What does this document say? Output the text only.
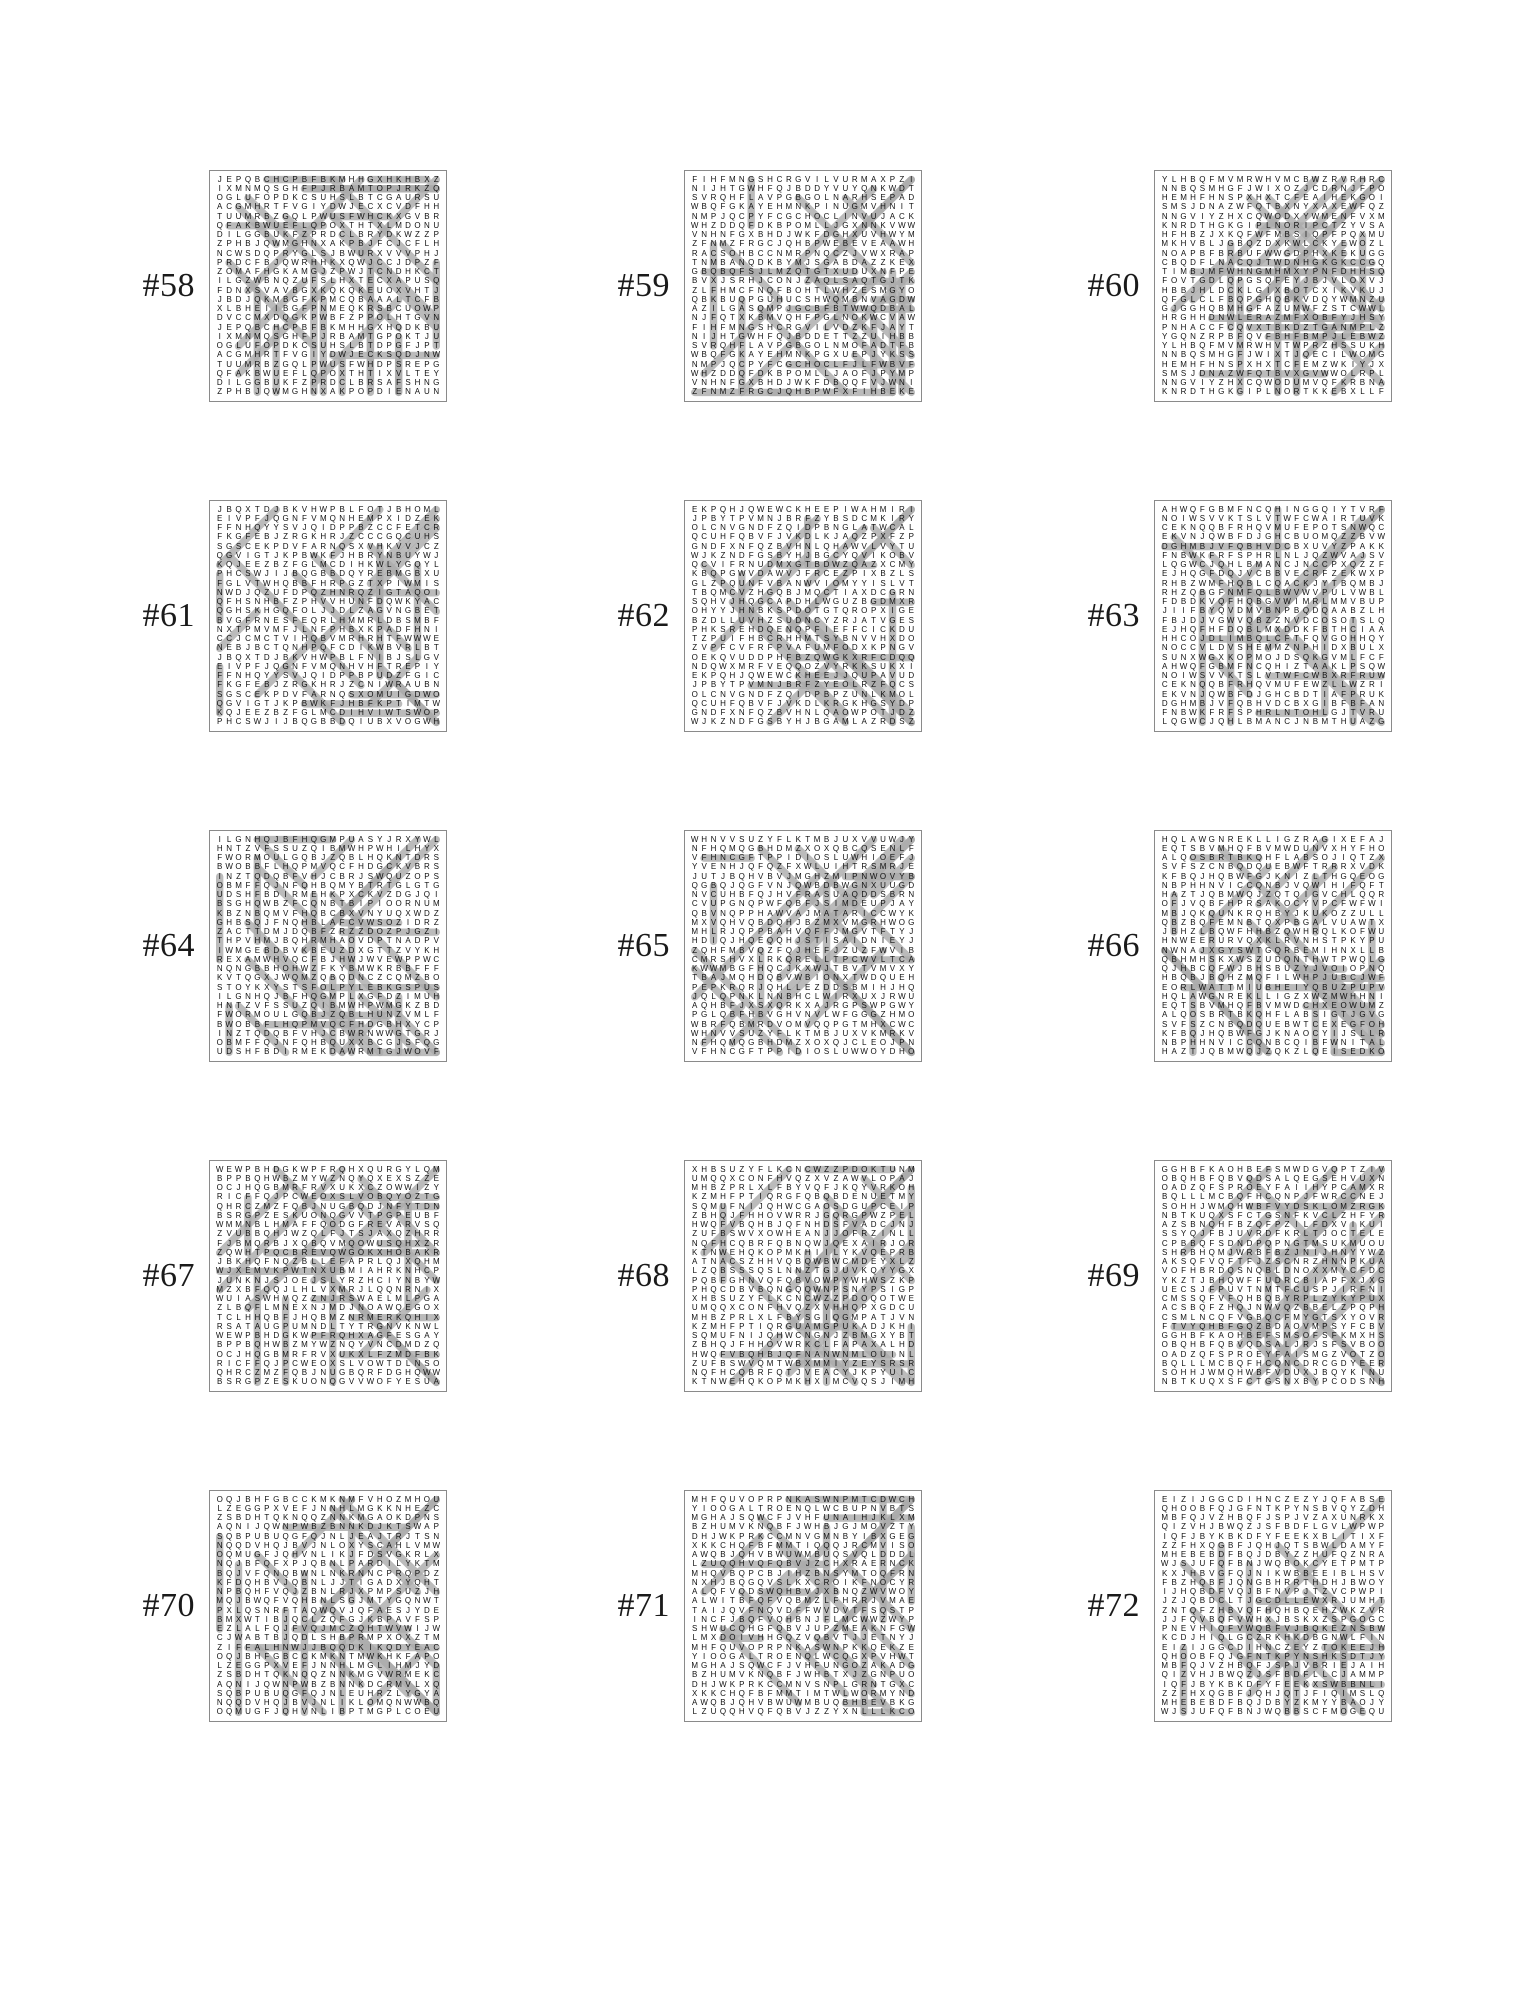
#58
J E P Q B C H C P B F B K M H H G X H K H B X Z
I X M N M Q S G H F P J R B A M T O P J R K Z Q
O G L U F O P D K C S U H S L B T C G A U R S U
A C G M H R T F V G I Y D W J E C X C V D F H H
T U U M R B Z G Q L P W U S F W H C K X G V B R
Q F A K B W U E F L Q P O X T H T X L M D O N U
D I L G G B U K F Z P R D C L B R Y D K W Z Z P
Z P H B J Q W M G H N X A K P B J F C J C F L H
N C W S D Q P R Y G L S J B W U R X V V V P H J
P R D C F B J Q W R H H K X Q W J C C J D P Z F
Z O M A F H G K A M G J Z P W J T C N D H K C T
I L G Z W B N Q Z U F S L H X T E C X A P U S Q
F D N X S V A V B G X K Q K Q K E U O X V H T J
J B D J Q K M B G F K P M C Q B A A A L T C F B
X L B H E I I B G F P N M E Q K R S B C U O W P
D V C C M X D Q G K P W B F Z P P O L H T G V N
J E P Q B C H C P B F B K M H H G X H Q D K B U
I X M N M Q S G H F P J R B A M T G P O K T J U
O G L U F O P D K C S U H S L B T D P G F J P T
A C G M H R T F V G I Y D W J E C K S Q D J N W
T U U M R B Z G Q L P W U S F W H D P S R E P G
Q F A K B W U E F L Q P O X T H T I X V L T E Y
D I L G G B U K F Z P R D C L B R S A F S H N G
Z P H B J Q W M G H N X A K P O P D I E N A U N
#59
F I H F M N G S H C R G V I L V U R M A X P Z I
N I J H T G W H F Q J B D D Y V U Y Q N K W D T
S V R Q H F L A V P G B G O L N A R H S E P A D
W B Q F G K A Y E H M N K P I N U G M V H N I T
N M P J Q C P Y F C G C H O C L I N V U J A C K
W H Z D D Q F D K B P O M L L J G X N N K V W W
V N H N F G X B H D J W K F D G H X U V H W Y M
Z F N M Z F R G C J Q H B P W E B E V E A A W H
R A C S O H B C C N M R P N Q C Z J V W X R A P
T N M B A N Q D K B Y M J S G A B D A Z Z K E X
G B Q B Q F S J L M Z Q T G T X U D U X N F P E
B V X J S R H J C O N J Z A Q L S A Q T G J T K
Z L F H M C F N Q F B O H T L W H Z E S M G Y O
Q B K B U Q P G U H U C S H W Q M B N V A G D W
A Z I L G A S Q M P J G C B F B T W W Q D B A L
N J F Q T X K B M V Q H F P G L N O K W C V A W
F I H F M N G S H C R G V I L V D Z K F J A Y T
N I J H T G W H F Q J B D D E T T Z Z U I H B B
S V R Q H F L A V P G B G O L N M O F A D T F B
W B Q F G K A Y E H M N K P G X U E P J Y K S S
N M P J Q C P Y F C G C H O C L F J L F W B V F
W H Z D D Q F D K B P O M L L J A O F J P Y M P
V N H N F G X B H D J W K F D B Q Q F V J W N I
Z F N M Z F R G C J Q H B P W F X F I H B E K E
#60
Y L H B Q F M V M R W H V M C B W Z R V R H R C
N N B Q S M H G F J W I X O Z J C D R N J F P O
H E M H F H N S P X H X T C F E A I H E K G O I
S M S J D N A Z W F Q T B X N Y X A X E W F Q Z
N N G V I Y Z H X C Q W O D X Y W M E N F V X M
K N R D T H G K G I P L N O R I P C T Z Y V S A
H F H B Z J X K Q F W F M B S I Q P F P Q X M U
M K H V B L J G B Q Z D X K W L C K Y E W O Z L
N O A P B F B R B U F W W G D P H X K E K U G G
C B Q D F L N A C Q J T W D N H G K G K C C G Q
T I M B J M F W H N G M H M X Y P N F D H H S Q
F O V T G D L Q P G S Q F E Y J B J V L O X V J
H B B J H L D C K L G I X B O T C X I K V K U J
Q F G L C L F B Q P G H Q B K V D Q Y W M N Z U
G J G G H Q B M H G F A Z U M W F Z S T C W W L
H R G H H D N W L E R A Z M F X O B F Y J H S Y
P N H A C C F C Q V X T B K D Z T G A N M P L Z
Y G Q N Z R P B F Q V F B H F B M P J L E B W Z
Y L H B Q F M V M R W H V T W P R Z H S S U K H
N N B Q S M H G F J W I X T J Q E C I L W O M G
H E M H F H N S P X H X T C F E M Z W K I Y J X
S M S J D N A Z W F Q T B V X G V W W O L R P L
N N G V I Y Z H X C Q W O D U M V Q F K R B N A
K N R D T H G K G I P L N O R T K K E B X L L F
#61
J B Q X T D J B K V H W P B L F O T J B H O M L
E I V P F J Q G N F V M Q N H E M P X I D Z E K
F F N H Q Y Y S V J Q I D P P B Z C C F E T C R
F K G F E B J Z R G K H R J Z C C C G Q C U H S
S G S C E K P D V F A R N Q S X V H K V V J C Z
Q G V I G T J K P B W K F J H B R Y N B U Y W J
K Q J E E Z B Z F G L M C D I H K W L Y G Q Y L
P H C S W J I J B Q G B B D Q Y R E B M G B X U
F G L V T W H Q B B F H R P G Z T X P I W M I S
N W D J Q Z U F D P Q Z H N R Q Z I G T A Q O I
Q F H S N H B F Z P H V V H U N F D Q W K Y A C
Q G H S K H G Q F O L J J D L Z A G V N G B E T
B V G F R N E S F E Q R L H M M R L D B S M B F
N X T P M V M F J L N F P H B X K P A D F H N I
C C J C M C T V I H Q B V M R H R H T F W W W E
N E B J B C T Q N H P Q F C D I K W B V R L B T
J B Q X T D J B K V H W P B L F N I B J S L G V
E I V P F J Q G N F V M Q N H V H F T R E P I Y
F F N H Q Y Y S V J Q I D P P B P U D Z F G I C
F K G F E B J Z R G K H R J Z C N I W R A U B N
S G S C E K P D V F A R N Q S X O M U I G D W O
Q G V I G T J K P B W K F J H B F K P T I M T W
K Q J E E Z B Z F G L M C D I H V I W T S W O P
P H C S W J I J B Q G B B D Q I U B X V O G W H
#62
E K P Q H J Q W E W C K H E E P I W A H M I R I
J P B Y T P V M N J B R F Z Y B S D C M K I R Y
O L C N V G N D F Z Q I D P B N G L A T W C A L
Q C U H F Q B V F J V K D L K J A Q Z P X F Z P
G N D F X N F Q Z B V H N L Q H A W V L V Y T U
W J K Z N D F G S B Y H J B G C Y Q V I K O B V
Q C V I F R N U D M X G T B D W Z Q A Z X C M Y
K B Q P G W V D A W V J F R C E Z P I X B Z L S
G L Z P Q U N F V B A N W V I O M Y Y I S L V T
T B Q M C V Z H G Q B J M Q C T I A X D C G R N
S Q H V J H Q G C A P D H L W G U Z B G D M X R
O H Y Y J H N B K S P D O T G T Q R O P X I G E
B Z D L L U V H Z S U D N C Y Z R J A T V G E S
P H K S R E H D Q E N Q P F I E F F C I C K D U
T Z P U I F H B C R H H M T S Y B N V V H X D O
Z V P F C V F R F P V A F U M F O D X K P N G V
O E K Q V U D D P H F B Z Q W G K X R F C D Q Q
N D Q W X M R F V E Q Q O Z V Y R K K S U K X I
E K P Q H J Q W E W C K H E E J J Q U P A V U D
J P B Y T P V M N J B R F Z Y E O L R Z F Q C S
O L C N V G N D F Z Q I D P B P Z U N L K M O L
Q C U H F Q B V F J V K D L K R G K H G S Y D P
G N D F X N F Q Z B V H N L Q A O W P O T J D Z
W J K Z N D F G S B Y H J B G A M L A Z R D S Z
#63
A H W Q F G B M F N C Q H I N G G Q I Y T V R F
N O I W S V V K T S L V T W F C W A I R T U V K
C E K N Q Q B F R H Q V M U F E P O T S N W Q C
E K V N J Q W B F D J G H C B U O M Q Z Z B V W
D G H M B J V F Q B H V D C B X U V Y Z P A K K
F N B W K F R F S P H R L N L J Q Z W V A J S V
L Q G W C J Q H L B M A N C J N C C P X Q Z Z F
E J H Q G F D Q J V C B B V E C R F Z E K W X P
R H B Z W M F H Q B L C Q A C K J Y T B Q M B J
R H Z Q B G F N M F Q L B W V W V P U L V W B L
F D B D K V Q F H Q B G V W I M R L M M V B U P
J I I F B Y Q V D M V B N P B Q D Q A A B Z L H
F B J D J V G W V Q B Z Z N V D C O S O T S L Q
E J H Q F H F D Q B L M X D D K F B T H C I A A
H H C O J D L I M B Q L C F T F Q V G O H H Q Y
N O C C V L D V S H E M M Z N P H I D X B U L X
S U N X W G X K O P M O J D S Q K G V M L F C F
A H W Q F G B M F N C Q H I Z T A A K L P S Q W
N O I W S V V K T S L V T W F C W B X R F R U W
C E K N Q Q B F R H Q V M U F E W Z L L W Z R I
E K V N J Q W B F D J G H C B D T I A F P R U K
D G H M B J V F Q B H V D C B X G I B F B F A N
F N B W K F R F S P H R L N T O H L G J T V R U
L Q G W C J Q H L B M A N C J N B M T H U A Z G
#64
I L G N H Q J B F H Q G M P U A S Y J R X Y W L
H N T Z V F S S U Z Q I B M W H P W H I L H Y X
F W O R M O U L G Q B J Z Q B L H Q K N T D R S
B W O B B F L H Q P M V Q C F H D G C K V B R S
I N Z T Q D Q B F V H J C B R J S W Q U Z O P S
O B M F F Q J N F Q H B Q M Y B T R T G L G T G
U D S H F B D I R M E H K P X C K V Z D G J Q I
B S G H Q W B Z F C Q N B T B I P I O O R N U M
K B Z N B Q M V F H Q B C B X V N Y U Q X W D Z
G H B S Q J F N Q H B L A F C V W S O Z I D R Z
Z A C T T D M J D Q B F Z R Z Z D O Z P J G Z I
T H P V H M J B Q H R M H A O V D P T N A D P V
I W M G E B D B V K B E U Z D X G T T Z V Y K H
R E X A M W H V Q C F B J H W J W V E W P P W C
N Q N G B B H O H W Z F K Y B M W K R B B F F F
K V T Q G X J W Q M Z Q B Q D N C Z C Q M Z B O
S T O Y K X Y S T S F O L P Y L E B K G S P U S
I L G N H Q J B F H Q G M P L X G F D Z I M U H
H N T Z V F S S U Z Q I B M W H P W M G K Z B D
F W O R M O U L G Q B J Z Q B L H U N Z V M L F
B W O B B F L H Q P M V Q C F H D G B H X Y C P
I N Z T Q D Q B F V H J C B W R N W W G T G R J
O B M F F Q J N F Q H B Q U X X B C G J S F Q G
U D S H F B D I R M E K D A W R M T G J W O V F
#65
W H N V V S U Z Y F L K T M B J U X V V U W J Y
N F H Q M Q G B H D M Z X O X Q B C Q S E N L F
V F H N C G F T P P I D I O S L U W H I O E F J
Y V E N H J Q F Q Z F X W L U I H T R S M R J E
J U T J B Q H V B V J M G H Z M I P N W O V Y B
Q G B Q J Q G F V N J Q W B D B W G N X U U G D
N V C U H B F Q J H V F R A S U A Q D D S B R N
C V U P G N Q P W F Q B F J S I M D E U P J A Y
Q B V N Q P P H A W V A J M A T A R I C C W Y K
M X V Q H V Q B D Q H J B Z M X V M G R H W O G
M H L R J Q P P B A H V Q F F J M G V T F T Y J
H D I Q J H Q E Q Q H J S T I S A I D N I E Y J
Z Q H F M B V Q Z F Q J H E F J Z U Z F W V I B
C M R S H V X L R K Q R E L L T P C W V L T C A
K W W M B G F H Q C J K X W J T B V T V M V X Y
T B A J M Q H D Q B V W B I O N X T W D Q U E H
P E P K R Q R J Q H L L E Z D D S B M I H J H Q
J Q L Q P N K L N N B H C L W I R X U X J R W U
A Q H B F J X S X Q R K X A J R G P S W P G W Y
P G L Q B F H B V G H V N V L W F G G G Z H M O
W B R F Q B M R D V O M V Q Q P G T M H X C W C
W H N V V S U Z Y F L K T M B J U X V K M R K V
N F H Q M Q G B H D M Z X O X Q J C L E O J P N
V F H N C G F T P P I D I O S L U W W O Y D H O
#66
H Q L A W G N R E K L L I G Z R A G I X E F A J
E Q T S B V M H Q F B V M W D U N V X H Y F H O
A L Q O S B R T B K Q H F L A B S O J I Q T Z X
S V F S Z C N B Q D Q U E B W F T R R R X V D K
K F B Q J H Q B W F G J K N I Z L T H G Q E O G
N B P H H N V I C C Q N B J V Q W I H I F Q F T
H A Z T J Q B M W Q J Z Q T Q I G V C H L Q Q R
O F J V Q B F H P R S A K O C Y V P C F W F W I
M B J Q K Q U N K R Q H B Y J K U K O Z Z U L L
Q B Z B Q F E M N B T Q X P B G A L V U A W T X
J B H Z L B Q W F H H B Z Q W H R Q L K O F W U
H N W E E R U R V Q X K L R V N H S T P K Y P U
N W N A J X G Y S W T G Q R B E M I H N X L L B
Q B H M H S K X W S Z U D Q N T H W T P W Q L G
Q J H B C Q F W J B H S B U Z Y J V O I O P N Q
H B Q B J B Q H Z M Q F I L W H P J U B C J W F
E O R L W A T T M I U B H E I Y Q B U Z P U P V
H Q L A W G N R E K L L I G Z X W Z M W H H N I
E Q T S B V M H Q F B V M W D C H X E O W U M Z
A L Q O S B R T B K Q H F L A B S I G T J G V G
S V F S Z C N B Q D Q U E B W T C E X E G F O H
K F B Q J H Q B W F G J K N A O C Y I J S L L R
N B P H H N V I C C Q N B C Q I B F W N I T A L
H A Z T J Q B M W Q J Z Q K Z L Q E I S E D K O
#67
W E W P B H D G K W P F R Q H X Q U R G Y L Q M
B P P B Q H W B Z M Y W Z N Q Y Q X E X S Z Z E
O C J H Q G B M R F R V X U K X C Z O W W I Z Y
R I C F F Q J P C W E O X S L V O B Q Y O Z T G
Q H R C Z M Z F Q B J N U G B Q D J N F Y T D N
B S R G P Z E S K U O N Q G V V T P G P E U B F
W M M N B L H M A F F Q O D G F R E V A R V S Q
Z V U B B Q H J W Z Q L F J T S J A X Q Z H R R
F J B M Q R B J X Q B Q V M Q O W U S Q H X Z R
Z Q W H T P Q C B R E V Q W G O K X H O B A K R
J B K H Q F N Q Z B L L E F A P R L Q J X Q H M
W J X E M V K P W T N X U B M I A H R K N H C P
J U N K N J S J O E J S L Y R Z H C I Y N B Y W
M Z X B F Q Q J L H L V X M R J L Q Q N R N I X
W U I A S W H V Q Z Z N J R S W A E L M L P G A
Z L B Q F L M N E X N J M D J N O A W Q E G O X
T C L H H Q B F J H Q B M Z N R M E R K Q H I X
R S A T A U G P U M N D L T Y T R G N V K N W L
W E W P B H D G K W P F R Q H X A G F E S G A Y
B P P B Q H W B Z M Y W Z N Q Y V N C D M D Z Q
O C J H Q G B M R F R V X U K X L F Z M D F B K
R I C F F Q J P C W E O X S L V O W T D L N S O
Q H R C Z M Z F Q B J N U G B Q R F D G H Q W W
B S R G P Z E S K U O N Q G V V W O F Y E S U A
#68
X H B S U Z Y F L K C N C W Z Z P D O K T U N M
U M Q Q X C O N F H V Q Z X V Z A W V L O P A J
M H B Z P R L X L F B Y V Q F J K Q Y V R K O H
K Z M H F P T I Q R G F Q B Q B D E N U E T M Y
S Q M U F N I J Q H W C G A O S D G U P C E I P
Z B H Q J F H H O V W R R J G Q R G P W Z P E L
H W Q F V B Q H B J Q F N H D S F V A D C J N J
Z U F B S W V X O W H E A N J J O F R Z I N L L
N Q F H C Q B R F Q B N Q W J Q E X A I R J O R
K T N W E H Q K O P M K H I I L Y K V Q E P R B
A T N A C S Z H H V Q B Q W B W C M D E Y X L Z
L Z Q B S S S Q S L N N Z T G J U V K Q Y Y G X
P Q B F G H N V Q F Q B V O W P Y W H W S Z K P
P H Q C D B V B Q N G Q Q W N P S N Y P S I G P
X H B S U Z Y F L K C N C W Z Z P D O Q O T W E
U M Q Q X C O N F H V Q Z X V H H Q P X G D C U
M H B Z P R L X L F B Y S G I Q G M P A T J V N
K Z M H F P T I Q R G U A M G P U K A D J K H I
S Q M U F N I J Q H W C N G N J Z B M G X Y B T
Z B H Q J F H H O V W R K C L F A P A X A L H D
H W Q F V B Q H B J Q F N A N W N M L O U I N L
Z U F B S W V Q M T W B X M M I Y Z E Y S R S R
N Q F H C Q B R F Q T J V E A C Y J K P Y U I C
K T N W E H Q K O P M K H X I M C V Q S J I M H
#69
G G H B F K A O H B E F S M W D G V Q P T Z I V
O B Q H B F Q B V Q D S A L Q E G S E H V U X N
O A D Z Q F S P R O E Y F A I I H Y P C A M X R
B Q L L L M C B Q F H C Q N P J F W R C C N E J
S O H H J W M Q H W B F V Y D S K L O M Z R G K
N B T K U Q X S F C T G S N F K V C L Z H F Y R
A Z S B N Q H F B Z Q F P Z I L F D X V I K U I
S S Y Q J F B J U V R D F K R L T J O C T E L E
C P B B Q F S D N D P Q P N G T M S U K M U O U
S H R B H Q M J W R B F B Z J N I J H N Y Y W Z
A K S Q F V Q F T F J Z S C N R Z H N N P K U A
V O F H B R D Q S N Q B L D N O X X M Y C F D C
Y K Z T J B H Q W F F U D R C B I A P F X J X G
U E C S J F P U V T N M T F C U S P J I R F N I
C M S S Q F V F Q H B Q B Y R P L Z Y K Y P U X
A C S B Q F Z H Q J N W V Q Z B B E L Z P Q P H
C S M L N C Q F V G B Q C F M Y G T S X Y O V R
F T V Y Q H B F G Q Z B D A O V M P S Y F C B V
G G H B F K A O H B E F S M S O F S F K M X H S
O B Q H B F Q B V Q D S A L J R J S F S V B O O
O A D Z Q F S P R O E Y F A I S M G Z V O T Z O
B Q L L L M C B Q F H C Q N C D R C G D Y E E R
S O H H J W M Q H W B F V D U X J B Q Y K I N U
N B T K U Q X S F C T G S N X B Y P C O D S N H
#70
O Q J B H F G B C C K M K N M F V H O Z M H O U
L Z E G G P X V E F J N N H L M G K K N H E Z C
Z S B D H T Q K N Q Q Z N N K M G A O K D P N S
A Q N I J Q W N P W B Z B N N K D J K T S W A P
S Q B P U B U Q G F Q J N L J E A J T R J T S N
N Q Q D V H Q J B V J N L O X Y S C A H L V M W
O Q M U G F J Q H V N L I K J F D S V G K R L X
N Q J B F Q F X P J Q B N L P A R D I L Y K T M
B Q J V F Q N Q B W N L N K R N N C P R Q P D Z
K F D Q H B V J Q B N L J J T I G A D X Y Q H T
N P B Q H F V Q J Z B N L R J X P M P S U Z J H
M Q J B W Q F V Q H B N L S G J M T Y G Q N W T
P X L Q S N R F T A Q W Q V J Q F A E S J Y D E
B M X W T I B J Q C L Z Q F G J K B P A V F S P
E Z L A L F Q J F V Q J M C Z Q H T W V W I J W
C J W A B T B J Q D L S H B P R M P X O X Z T M
Z I F F A L H N W J J B Q Q D K I K Q D Y E A C
O Q J B H F G B C C K M K N T M W K H K F A P O
L Z E G G P X V E F J N N H L M G L I H M J Y D
Z S B D H T Q K N Q Q Z N N K M G V W R M E K C
A Q N I J Q W N P W B Z B N N K D C R M V L X Q
S Q B P U B U Q G F Q J N L E U H R Z L Y G Y A
N Q Q D V H Q J B V J N L I K L O M Q N W W B Q
O Q M U G F J Q H V N L I B P T M G P L C O E U
#71
M H F Q U V O P R P N K A S W N P M T C D W C H
Y I O O G A L T R O E N Q L W C B U P N V B T S
M G H A J S Q W C F J V H F U N A I H J K L X M
B Z H U M V K N Q B F J W H B J G J M O V Z T Y
D H J W K P R K C C M N V G M N B Y I B X G E G
X K K C H Q F B F M M T I Q Q Q J R C M V I S O
A W Q B J Q H V B W U W M B U Q S V Q L D D D L
L Z U Q Q H V Q F Q B V J Z C H X R A E R N C K
M H Q V B Q P C B J I H Z B N S Y M T O Q F R N
N X H J B Q G Q V S L K X C R O I K F N O C Y R
A L Q F V Q D S W Q H B V J X B N Q Z W V W O Y
A L W I T B F Q F V Q B M Z L F H R R J V M A E
T A I J Q V F N Q V D F F W V D V T F S Q S T P
I N C F J B Q F V Q H B N J F L M C W W Z W Y P
S H W U C Q H G F Q B V J U P Z M E A K N F G W
L M X D O I V H H G Q Z V Q B V T J J E T N Y J
M H F Q U V O P R P N K A S W N P K K Q E K Z E
Y I O O G A L T R O E N Q L W C Q G X P V H W T
M G H A J S Q W C F J V H F U N G O Z A K A D G
B Z H U M V K N Q B F J W H B T X J Z G N P U O
D H J W K P R K C C M N V S N P L G R N T G X C
X K K C H Q F B F M M T I M T W L W O R M Y N D
A W Q B J Q H V B W U W M B U Q B H B E V B K G
L Z U Q Q H V Q F Q B V J Z Z Y X N L L L K C O
#72
E I Z I J G G C D I H N C Z E Z Y J Q F A B S E
Q H O O B F Q J G F N T K P Y N S B V Q Y Z D H
M B F Q J V Z H B Q F J S P J V Z A X U N R K X
Q I Z V H J B W Q Z J S F B D F L G V L W P W P
I Q F J B Y K B K D F Y F E E K X B L I T I X F
Z Z F H X Q G B F J Q H J Q T S B W L D A M Y F
M H E B E B D F B Q J D B Y Z Z H U F Q Z N R A
W J S J U F Q F B N J W Q B O K C Y E T P M T P
K X J H B V G F Q J N I K W B B E E I B L H S V
F B Z H Q B F J Q N G B H R R T H D H J B W O Y
I J H Q B D F V Q J B F N V P J T Z V C P W P I
J Z J Q B D C L T J G C D L L E W X R J U M H T
Z N T Q F Z H B V Q F H Q H B Q E H Z W K Z V R
J J F Q V B Q F V W H X J B S K X Z S P G O G C
P N E V H I Q F V W Q B F V J B Q K E Z N S B W
K C D J H I Q L G C Z R K H K D B G N W L F I N
E I Z I J G G C D I H N C Z E Y Z T O K E E J H
Q H O O B F Q J G F N T K P Y N S H K S D T J Y
M B F Q J V Z H B Q F J S P J V B R I E J A I H
Q I Z V H J B W Q Z J S F B D F L L C J A M M P
I Q F J B Y K B K D F Y F E E K X S W B B N L I
Z Z F H X Q G B F J Q H J Q T J F I Q I M S L Q
M H E B E B D F B Q J D B Y Z K M Y Y B A O J Y
W J S J U F Q F B N J W Q B B S C F M O G E Q U
